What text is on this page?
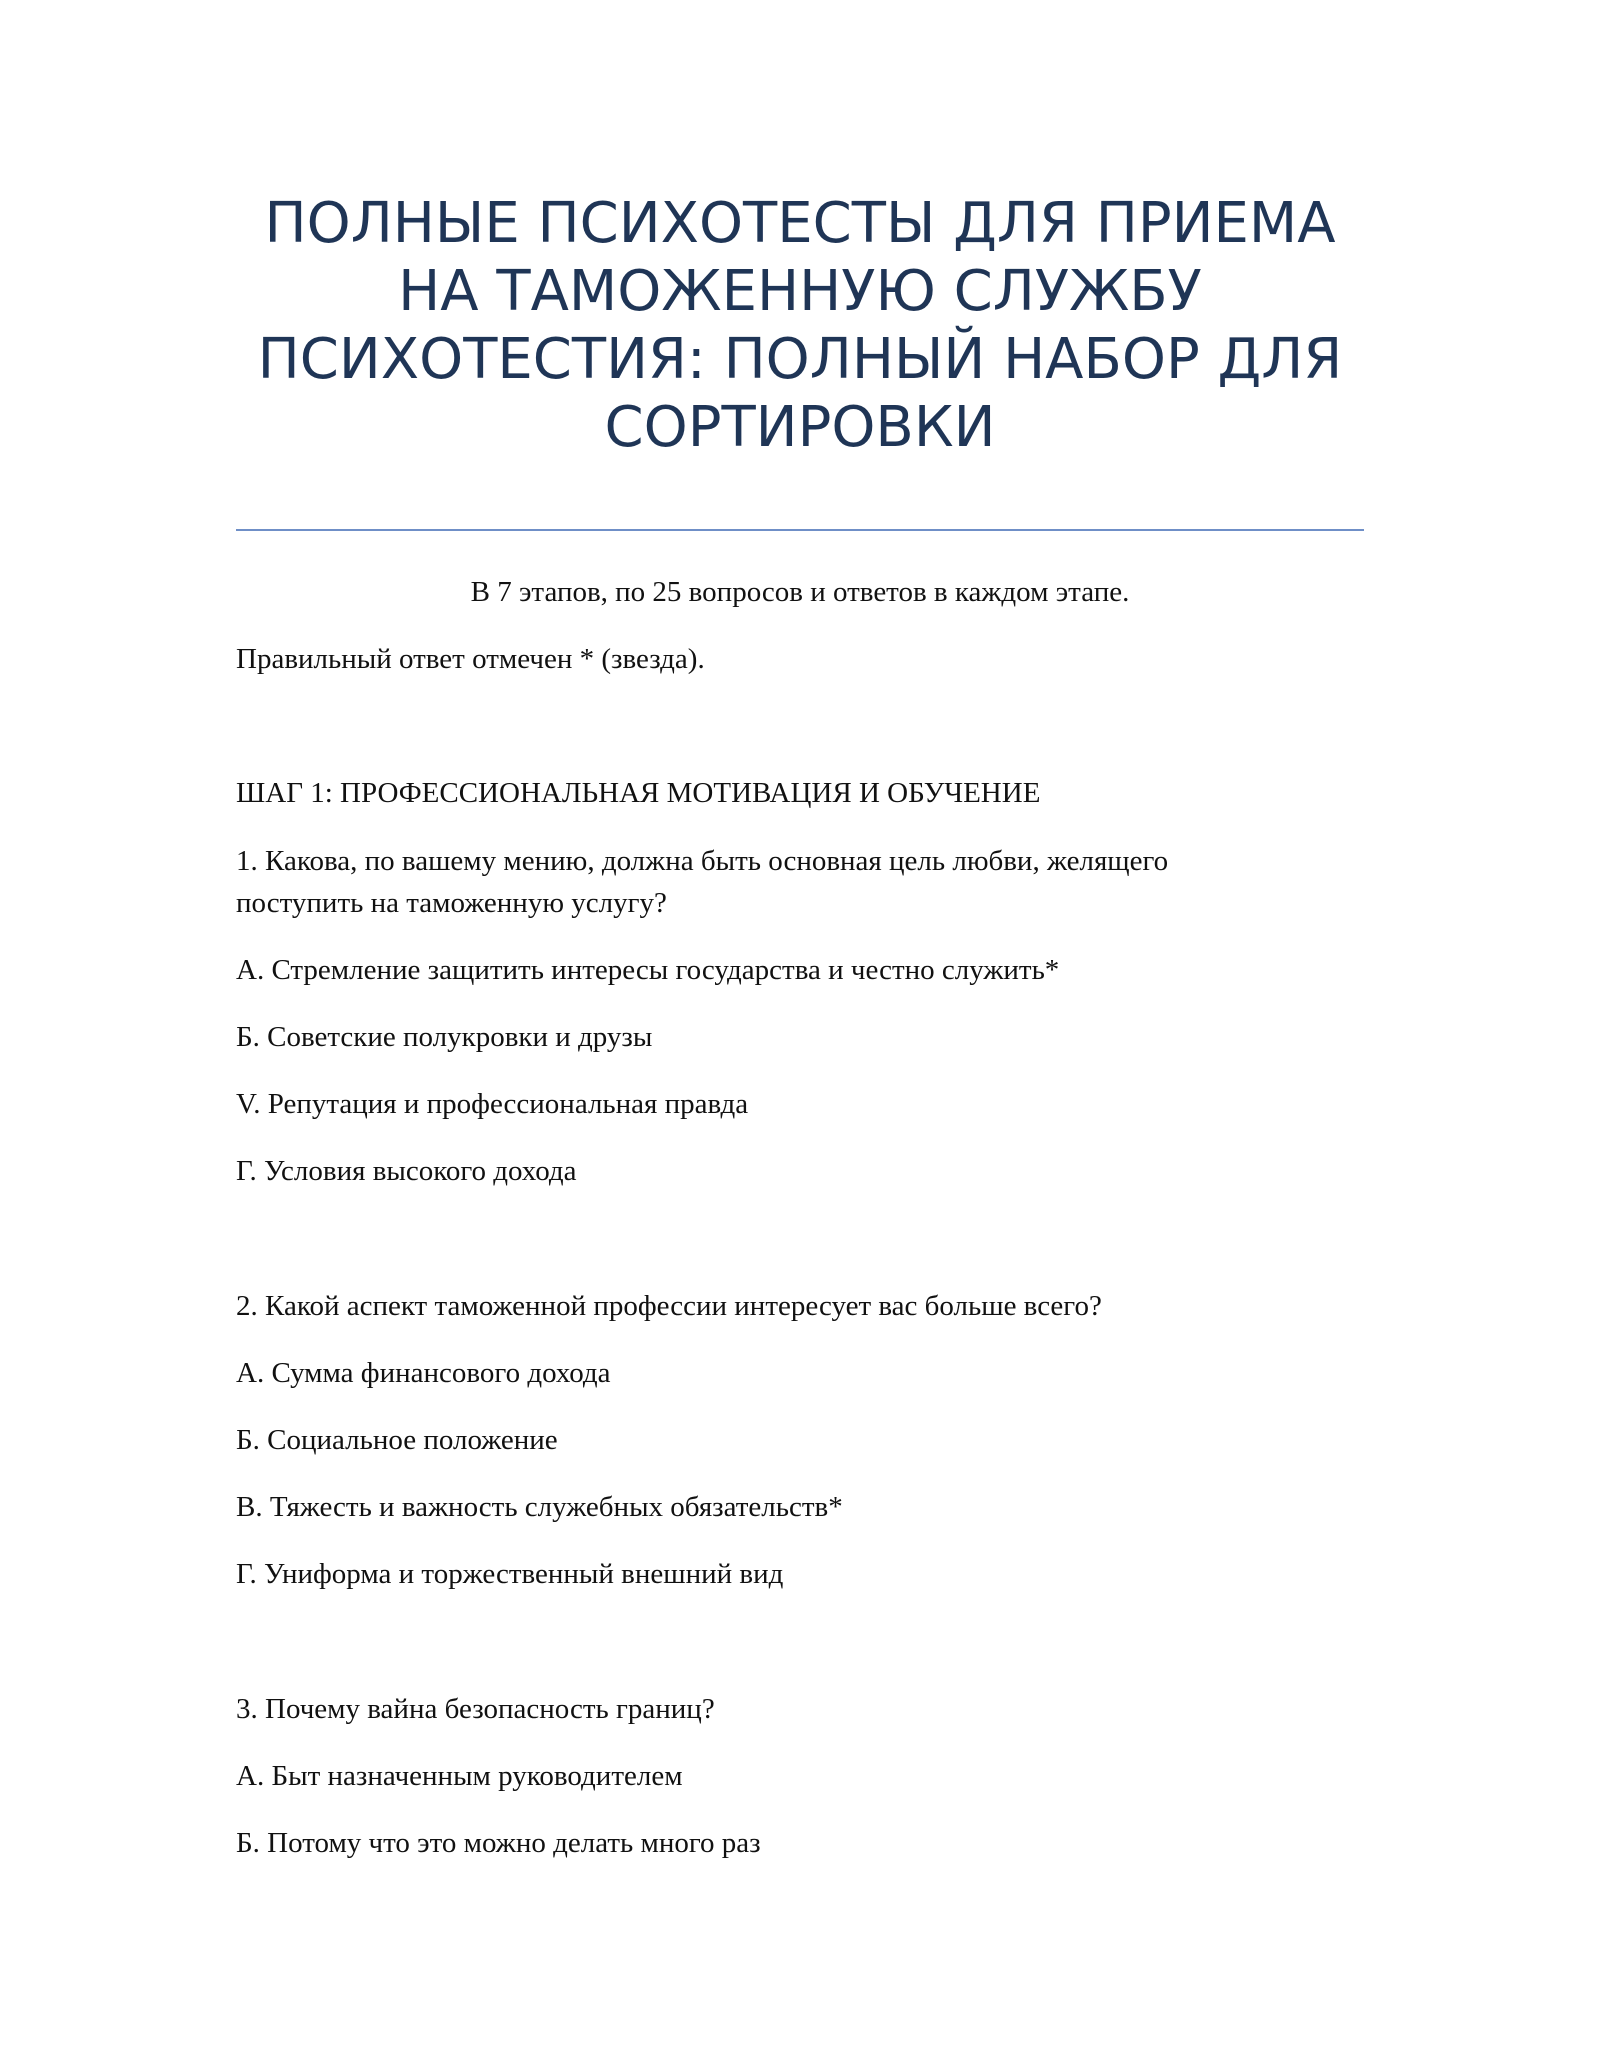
ПОЛНЫЕ ПСИХОТЕСТЫ ДЛЯ ПРИЕМА
НА ТАМОЖЕННУЮ СЛУЖБУ
ПСИХОТЕСТИЯ: ПОЛНЫЙ НАБОР ДЛЯ
СОРТИРОВКИ
В 7 этапов, по 25 вопросов и ответов в каждом этапе.
Правильный ответ отмечен * (звезда).
ШАГ 1: ПРОФЕССИОНАЛЬНАЯ МОТИВАЦИЯ И ОБУЧЕНИЕ
1. Какова, по вашему мению, должна быть основная цель любви, желящего
поступить на таможенную услугу?
А. Стремление защитить интересы государства и честно служить*
Б. Советские полукровки и друзы
V. Репутация и профессиональная правда
Г. Условия высокого дохода
2. Какой аспект таможенной профессии интересует вас больше всего?
А. Сумма финансового дохода
Б. Социальное положение
В. Тяжесть и важность служебных обязательств*
Г. Униформа и торжественный внешний вид
3. Почему вайна безопасность границ?
А. Быт назначенным руководителем
Б. Потому что это можно делать много раз
